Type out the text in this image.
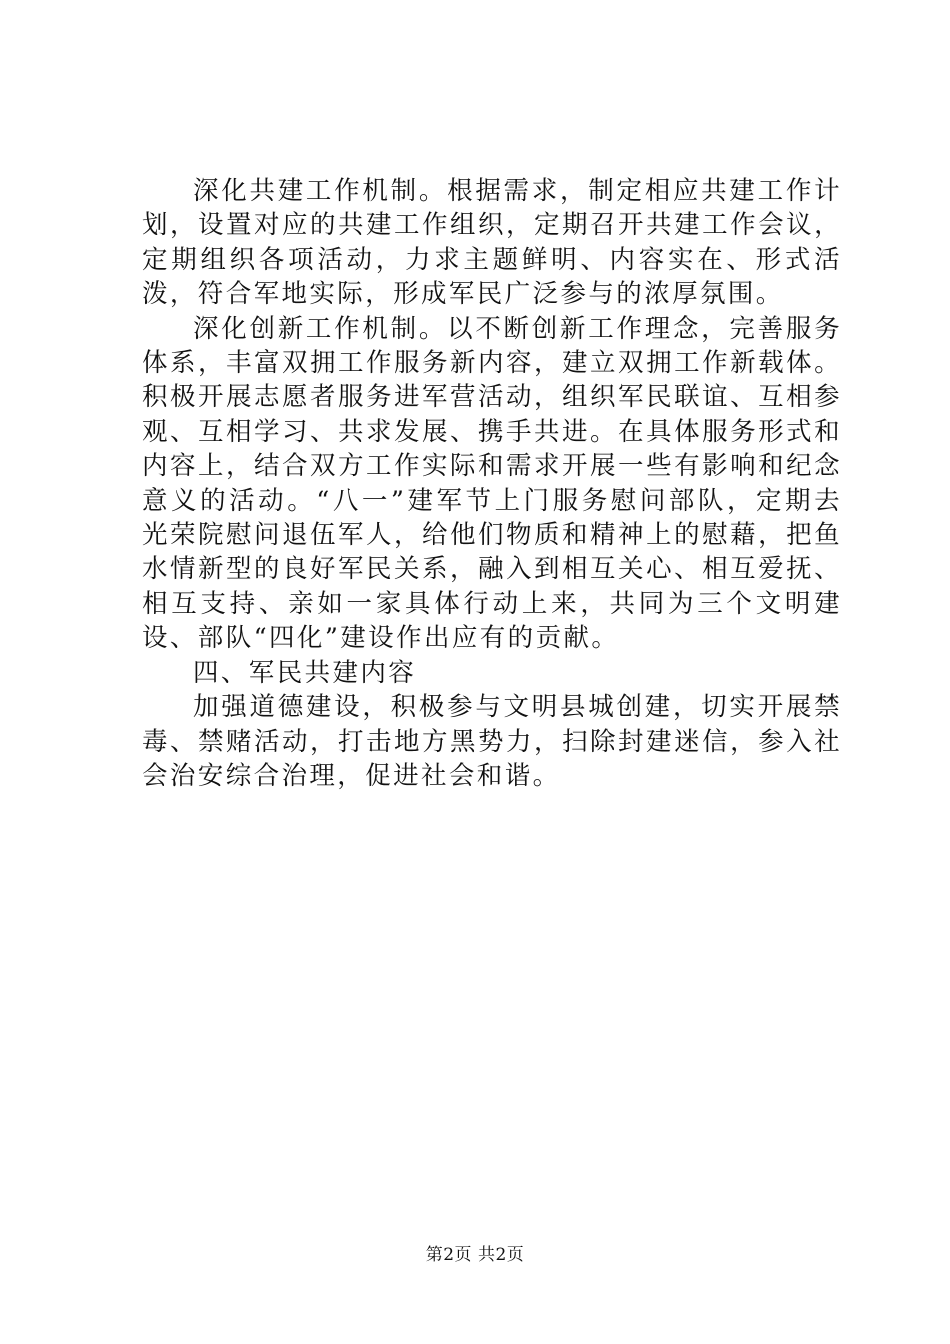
深化共建工作机制。根据需求，制定相应共建工作计划，设置对应的共建工作组织，定期召开共建工作会议，定期组织各项活动，力求主题鲜明、内容实在、形式活泼，符合军地实际，形成军民广泛参与的浓厚氛围。

深化创新工作机制。以不断创新工作理念，完善服务体系，丰富双拥工作服务新内容，建立双拥工作新载体。积极开展志愿者服务进军营活动，组织军民联谊、互相参观、互相学习、共求发展、携手共进。在具体服务形式和内容上，结合双方工作实际和需求开展一些有影响和纪念意义的活动。“八一”建军节上门服务慰问部队，定期去光荣院慰问退伍军人，给他们物质和精神上的慰藉，把鱼水情新型的良好军民关系，融入到相互关心、相互爱抚、相互支持、亲如一家具体行动上来，共同为三个文明建设、部队“四化”建设作出应有的贡献。

四、军民共建内容

加强道德建设，积极参与文明县城创建，切实开展禁毒、禁赌活动，打击地方黑势力，扫除封建迷信，参入社会治安综合治理，促进社会和谐。

第2页 共2页
